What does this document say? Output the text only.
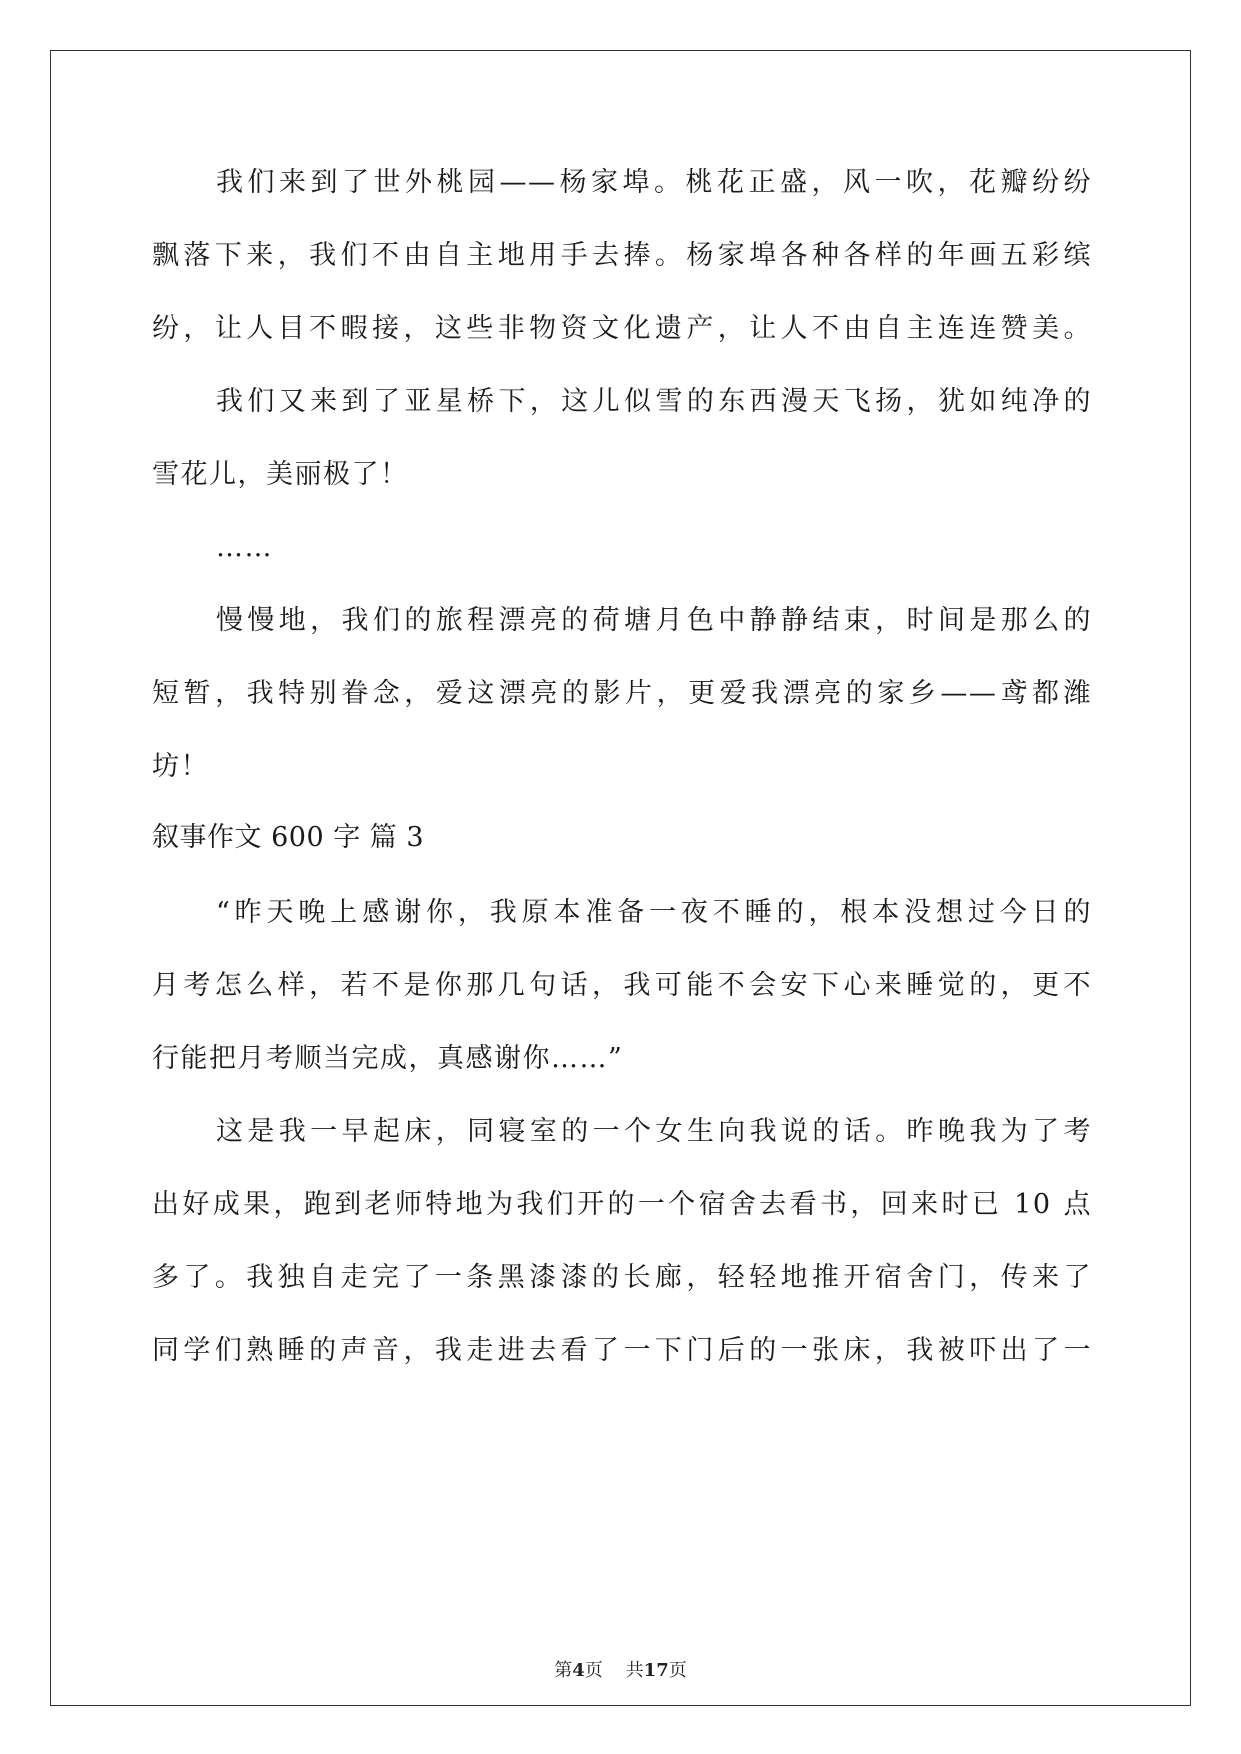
我们来到了世外桃园——杨家埠。桃花正盛，风一吹，花瓣纷纷
飘落下来，我们不由自主地用手去捧。杨家埠各种各样的年画五彩缤
纷，让人目不暇接，这些非物资文化遗产，让人不由自主连连赞美。
我们又来到了亚星桥下，这儿似雪的东西漫天飞扬，犹如纯净的
雪花儿，美丽极了！
……
慢慢地，我们的旅程漂亮的荷塘月色中静静结束，时间是那么的
短暂，我特别眷念，爱这漂亮的影片，更爱我漂亮的家乡——鸢都潍
坊！
叙事作文 600 字 篇 3
“昨天晚上感谢你，我原本准备一夜不睡的，根本没想过今日的
月考怎么样，若不是你那几句话，我可能不会安下心来睡觉的，更不
行能把月考顺当完成，真感谢你……”
这是我一早起床，同寝室的一个女生向我说的话。昨晚我为了考
出好成果，跑到老师特地为我们开的一个宿舍去看书，回来时已 10 点
多了。我独自走完了一条黑漆漆的长廊，轻轻地推开宿舍门，传来了
同学们熟睡的声音，我走进去看了一下门后的一张床，我被吓出了一
第4页 共17页
